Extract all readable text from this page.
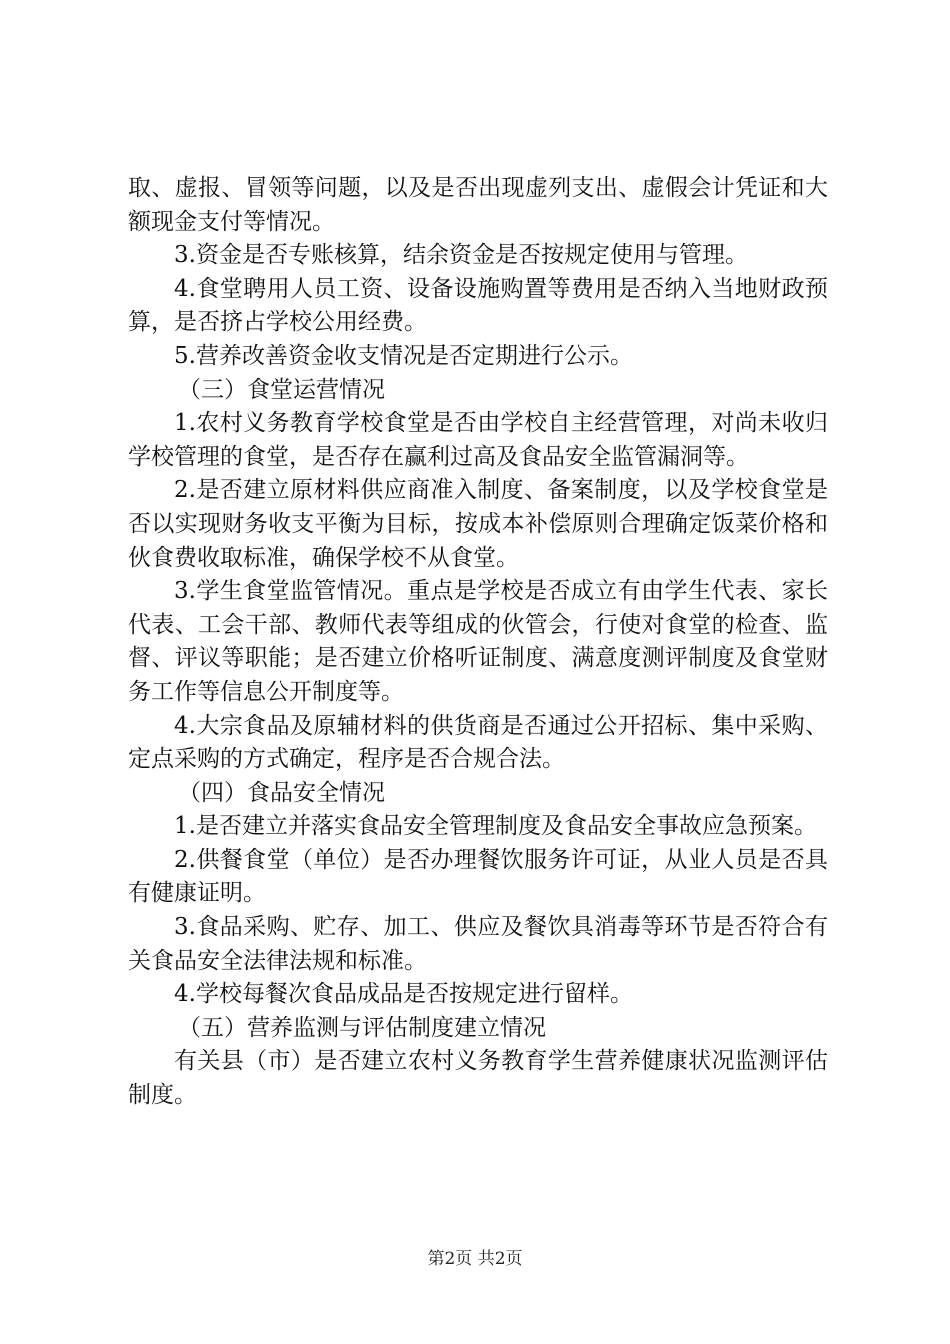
取、虚报、冒领等问题，以及是否出现虚列支出、虚假会计凭证和大额现金支付等情况。

3.资金是否专账核算，结余资金是否按规定使用与管理。

4.食堂聘用人员工资、设备设施购置等费用是否纳入当地财政预算，是否挤占学校公用经费。

5.营养改善资金收支情况是否定期进行公示。

（三）食堂运营情况

1.农村义务教育学校食堂是否由学校自主经营管理，对尚未收归学校管理的食堂，是否存在赢利过高及食品安全监管漏洞等。

2.是否建立原材料供应商准入制度、备案制度，以及学校食堂是否以实现财务收支平衡为目标，按成本补偿原则合理确定饭菜价格和伙食费收取标准，确保学校不从食堂。

3.学生食堂监管情况。重点是学校是否成立有由学生代表、家长代表、工会干部、教师代表等组成的伙管会，行使对食堂的检查、监督、评议等职能；是否建立价格听证制度、满意度测评制度及食堂财务工作等信息公开制度等。

4.大宗食品及原辅材料的供货商是否通过公开招标、集中采购、定点采购的方式确定，程序是否合规合法。

（四）食品安全情况

1.是否建立并落实食品安全管理制度及食品安全事故应急预案。

2.供餐食堂（单位）是否办理餐饮服务许可证，从业人员是否具有健康证明。

3.食品采购、贮存、加工、供应及餐饮具消毒等环节是否符合有关食品安全法律法规和标准。

4.学校每餐次食品成品是否按规定进行留样。

（五）营养监测与评估制度建立情况

有关县（市）是否建立农村义务教育学生营养健康状况监测评估制度。

第2页 共2页
